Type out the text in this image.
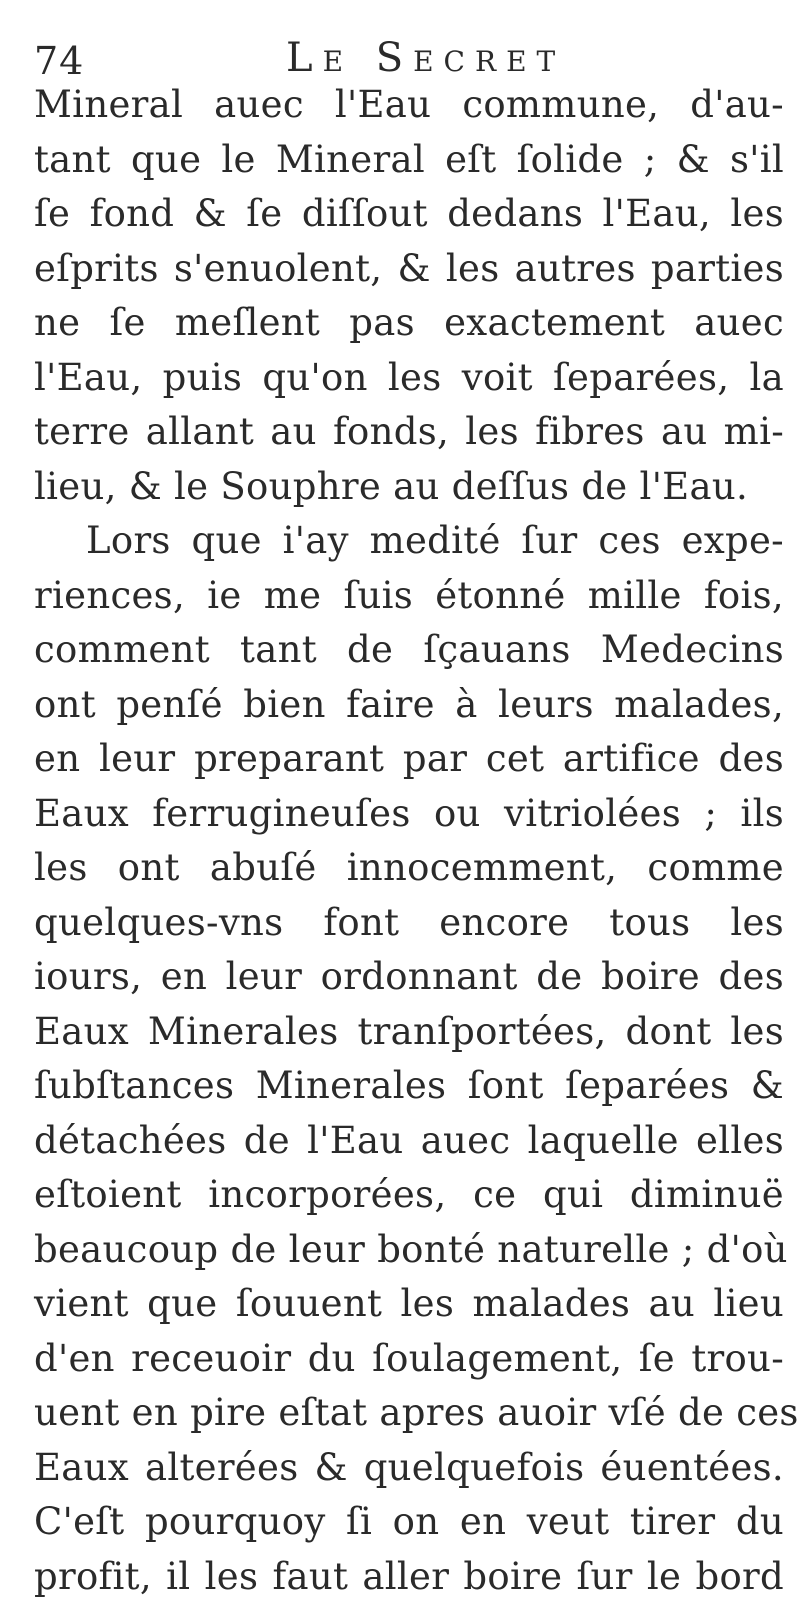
74	Le Secret
Mineral auec l'Eau commune, d'au-
tant que le Mineral eſt ſolide ; & s'il
ſe fond & ſe diſſout dedans l'Eau, les
eſprits s'enuolent, & les autres parties
ne ſe meſlent pas exactement auec
l'Eau, puis qu'on les voit ſeparées, la
terre allant au fonds, les fibres au mi-
lieu, & le Souphre au deſſus de l'Eau.
Lors que i'ay medité ſur ces expe-
riences, ie me ſuis étonné mille fois,
comment tant de ſçauans Medecins
ont penſé bien faire à leurs malades,
en leur preparant par cet artifice des
Eaux ferrugineuſes ou vitriolées ; ils
les ont abuſé innocemment, comme
quelques-vns font encore tous les
iours, en leur ordonnant de boire des
Eaux Minerales tranſportées, dont les
ſubſtances Minerales ſont ſeparées &
détachées de l'Eau auec laquelle elles
eſtoient incorporées, ce qui diminuë
beaucoup de leur bonté naturelle ; d'où
vient que ſouuent les malades au lieu
d'en receuoir du ſoulagement, ſe trou-
uent en pire eſtat apres auoir vſé de ces
Eaux alterées & quelquefois éuentées.
C'eſt pourquoy ſi on en veut tirer du
profit, il les faut aller boire ſur le bord
